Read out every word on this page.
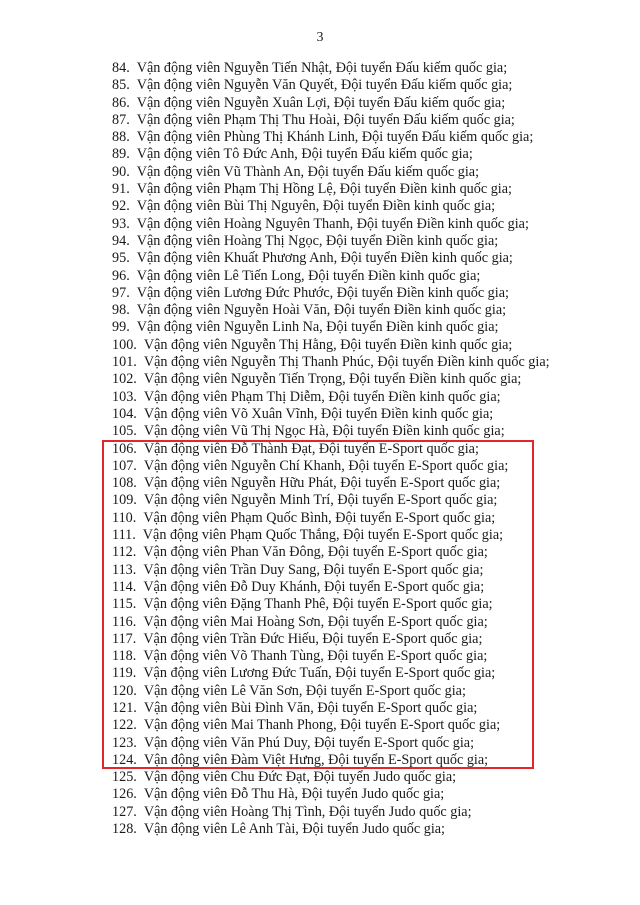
3
84. Vận động viên Nguyễn Tiến Nhật, Đội tuyển Đấu kiếm quốc gia;
85. Vận động viên Nguyễn Văn Quyết, Đội tuyển Đấu kiếm quốc gia;
86. Vận động viên Nguyễn Xuân Lợi, Đội tuyển Đấu kiếm quốc gia;
87. Vận động viên Phạm Thị Thu Hoài, Đội tuyển Đấu kiếm quốc gia;
88. Vận động viên Phùng Thị Khánh Linh, Đội tuyển Đấu kiếm quốc gia;
89. Vận động viên Tô Đức Anh, Đội tuyển Đấu kiếm quốc gia;
90. Vận động viên Vũ Thành An, Đội tuyển Đấu kiếm quốc gia;
91. Vận động viên Phạm Thị Hồng Lệ, Đội tuyển Điền kinh quốc gia;
92. Vận động viên Bùi Thị Nguyên, Đội tuyển Điền kinh quốc gia;
93. Vận động viên Hoàng Nguyên Thanh, Đội tuyển Điền kinh quốc gia;
94. Vận động viên Hoàng Thị Ngọc, Đội tuyển Điền kinh quốc gia;
95. Vận động viên Khuất Phương Anh, Đội tuyển Điền kinh quốc gia;
96. Vận động viên Lê Tiến Long, Đội tuyển Điền kinh quốc gia;
97. Vận động viên Lương Đức Phước, Đội tuyển Điền kinh quốc gia;
98. Vận động viên Nguyễn Hoài Văn, Đội tuyển Điền kinh quốc gia;
99. Vận động viên Nguyễn Linh Na, Đội tuyển Điền kinh quốc gia;
100. Vận động viên Nguyễn Thị Hằng, Đội tuyển Điền kinh quốc gia;
101. Vận động viên Nguyễn Thị Thanh Phúc, Đội tuyển Điền kinh quốc gia;
102. Vận động viên Nguyễn Tiến Trọng, Đội tuyển Điền kinh quốc gia;
103. Vận động viên Phạm Thị Diễm, Đội tuyển Điền kinh quốc gia;
104. Vận động viên Võ Xuân Vĩnh, Đội tuyển Điền kinh quốc gia;
105. Vận động viên Vũ Thị Ngọc Hà, Đội tuyển Điền kinh quốc gia;
106. Vận động viên Đỗ Thành Đạt, Đội tuyển E-Sport quốc gia;
107. Vận động viên Nguyễn Chí Khanh, Đội tuyển E-Sport quốc gia;
108. Vận động viên Nguyễn Hữu Phát, Đội tuyển E-Sport quốc gia;
109. Vận động viên Nguyễn Minh Trí, Đội tuyển E-Sport quốc gia;
110. Vận động viên Phạm Quốc Bình, Đội tuyển E-Sport quốc gia;
111. Vận động viên Phạm Quốc Thắng, Đội tuyển E-Sport quốc gia;
112. Vận động viên Phan Văn Đông, Đội tuyển E-Sport quốc gia;
113. Vận động viên Trần Duy Sang, Đội tuyển E-Sport quốc gia;
114. Vận động viên Đỗ Duy Khánh, Đội tuyển E-Sport quốc gia;
115. Vận động viên Đặng Thanh Phê, Đội tuyển E-Sport quốc gia;
116. Vận động viên Mai Hoàng Sơn, Đội tuyển E-Sport quốc gia;
117. Vận động viên Trần Đức Hiếu, Đội tuyển E-Sport quốc gia;
118. Vận động viên Võ Thanh Tùng, Đội tuyển E-Sport quốc gia;
119. Vận động viên Lương Đức Tuấn, Đội tuyển E-Sport quốc gia;
120. Vận động viên Lê Văn Sơn, Đội tuyển E-Sport quốc gia;
121. Vận động viên Bùi Đình Văn, Đội tuyển E-Sport quốc gia;
122. Vận động viên Mai Thanh Phong, Đội tuyển E-Sport quốc gia;
123. Vận động viên Văn Phú Duy, Đội tuyển E-Sport quốc gia;
124. Vận động viên Đàm Việt Hưng, Đội tuyển E-Sport quốc gia;
125. Vận động viên Chu Đức Đạt, Đội tuyển Judo quốc gia;
126. Vận động viên Đỗ Thu Hà, Đội tuyển Judo quốc gia;
127. Vận động viên Hoàng Thị Tình, Đội tuyển Judo quốc gia;
128. Vận động viên Lê Anh Tài, Đội tuyển Judo quốc gia;
